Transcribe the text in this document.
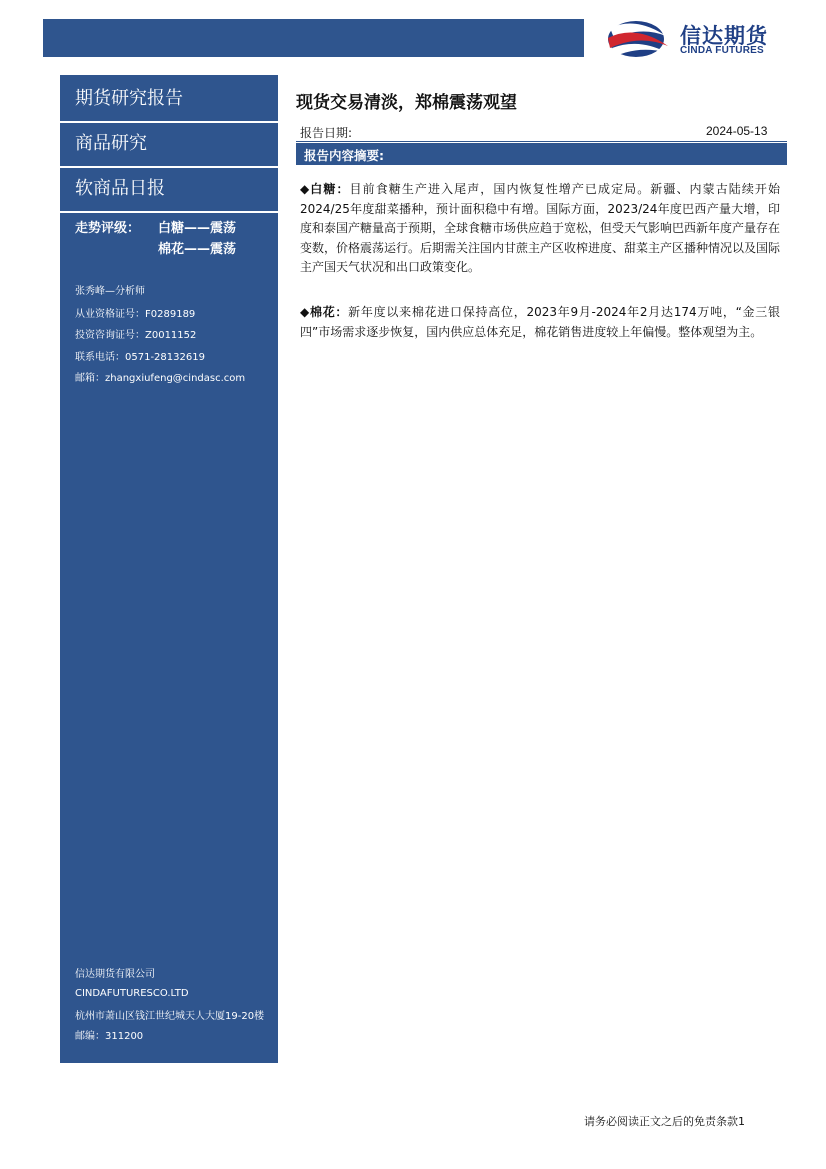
信达期货
CINDA FUTURES
期货研究报告
商品研究
软商品日报
走势评级： 白糖——震荡
棉花——震荡
张秀峰—分析师
从业资格证号：F0289189
投资咨询证号：Z0011152
联系电话：0571-28132619
邮箱：zhangxiufeng@cindasc.com
信达期货有限公司
CINDAFUTURESCO.LTD
杭州市萧山区钱江世纪城天人大厦19-20楼
邮编：311200
现货交易清淡，郑棉震荡观望
报告日期:	2024-05-13
报告内容摘要:

◆白糖：目前食糖生产进入尾声，国内恢复性增产已成定局。新疆、内蒙古陆续开始2024/25年度甜菜播种，预计面积稳中有增。国际方面，2023/24年度巴西产量大增，印度和泰国产糖量高于预期，全球食糖市场供应趋于宽松，但受天气影响巴西新年度产量存在变数，价格震荡运行。后期需关注国内甘蔗主产区收榨进度、甜菜主产区播种情况以及国际主产国天气状况和出口政策变化。

◆棉花：新年度以来棉花进口保持高位，2023年9月-2024年2月达174万吨，“金三银四”市场需求逐步恢复，国内供应总体充足，棉花销售进度较上年偏慢。整体观望为主。

请务必阅读正文之后的免责条款1
